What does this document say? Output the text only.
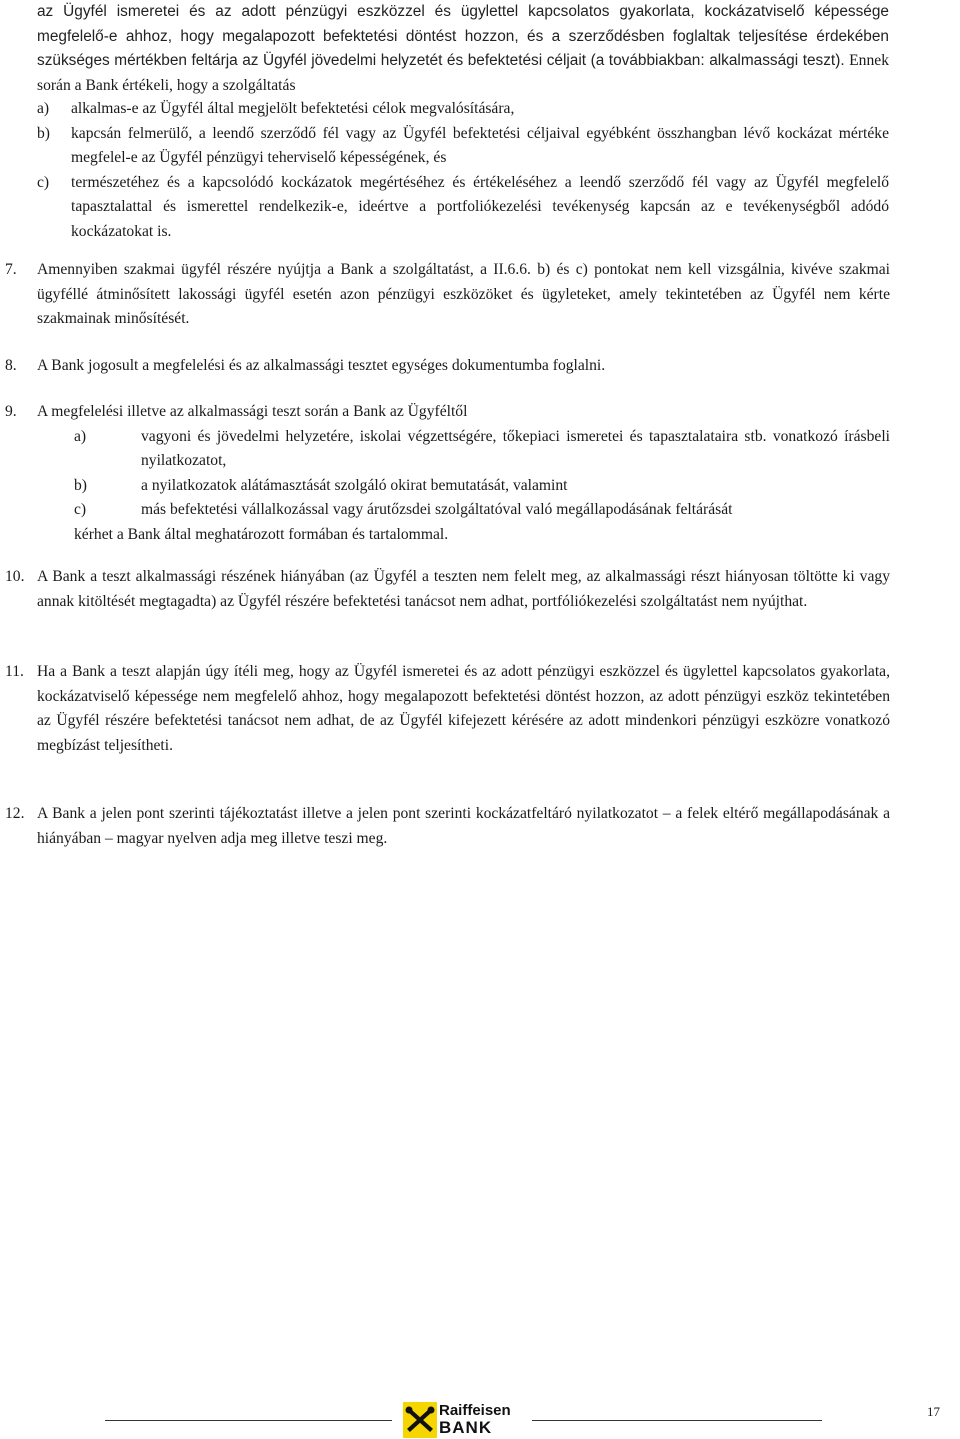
az Ügyfél ismeretei és az adott pénzügyi eszközzel és ügylettel kapcsolatos gyakorlata, kockázatviselő képessége megfelelő-e ahhoz, hogy megalapozott befektetési döntést hozzon, és a szerződésben foglaltak teljesítése érdekében szükséges mértékben feltárja az Ügyfél jövedelmi helyzetét és befektetési céljait (a továbbiakban: alkalmassági teszt). Ennek során a Bank értékeli, hogy a szolgáltatás

a) alkalmas-e az Ügyfél által megjelölt befektetési célok megvalósítására,
b) kapcsán felmerülő, a leendő szerződő fél vagy az Ügyfél befektetési céljaival egyébként összhangban lévő kockázat mértéke megfelel-e az Ügyfél pénzügyi teherviselő képességének, és
c) természetéhez és a kapcsolódó kockázatok megértéséhez és értékeléséhez a leendő szerződő fél vagy az Ügyfél megfelelő tapasztalattal és ismerettel rendelkezik-e, ideértve a portfoliókezelési tevékenység kapcsán az e tevékenységből adódó kockázatokat is.
7. Amennyiben szakmai ügyfél részére nyújtja a Bank a szolgáltatást, a II.6.6. b) és c) pontokat nem kell vizsgálnia, kivéve szakmai ügyféllé átminősített lakossági ügyfél esetén azon pénzügyi eszközöket és ügyleteket, amely tekintetében az Ügyfél nem kérte szakmainak minősítését.
8. A Bank jogosult a megfelelési és az alkalmassági tesztet egységes dokumentumba foglalni.
9. A megfelelési illetve az alkalmassági teszt során a Bank az Ügyféltől
a)	vagyoni és jövedelmi helyzetére, iskolai végzettségére, tőkepiaci ismeretei és tapasztalataira stb. vonatkozó írásbeli nyilatkozatot,
b)	a nyilatkozatok alátámasztását szolgáló okirat bemutatását, valamint
c)	más befektetési vállalkozással vagy árutőzsdei szolgáltatóval való megállapodásának feltárását
kérhet a Bank által meghatározott formában és tartalommal.
10. A Bank a teszt alkalmassági részének hiányában (az Ügyfél a teszten nem felelt meg, az alkalmassági részt hiányosan töltötte ki vagy annak kitöltését megtagadta) az Ügyfél részére befektetési tanácsot nem adhat, portfóliókezelési szolgáltatást nem nyújthat.
11. Ha a Bank a teszt alapján úgy ítéli meg, hogy az Ügyfél ismeretei és az adott pénzügyi eszközzel és ügylettel kapcsolatos gyakorlata, kockázatviselő képessége nem megfelelő ahhoz, hogy megalapozott befektetési döntést hozzon, az adott pénzügyi eszköz tekintetében az Ügyfél részére befektetési tanácsot nem adhat, de az Ügyfél kifejezett kérésére az adott mindenkori pénzügyi eszközre vonatkozó megbízást teljesítheti.
12. A Bank a jelen pont szerinti tájékoztatást illetve a jelen pont szerinti kockázatfeltáró nyilatkozatot – a felek eltérő megállapodásának a hiányában – magyar nyelven adja meg illetve teszi meg.
Raiffeisen
BANK
17
